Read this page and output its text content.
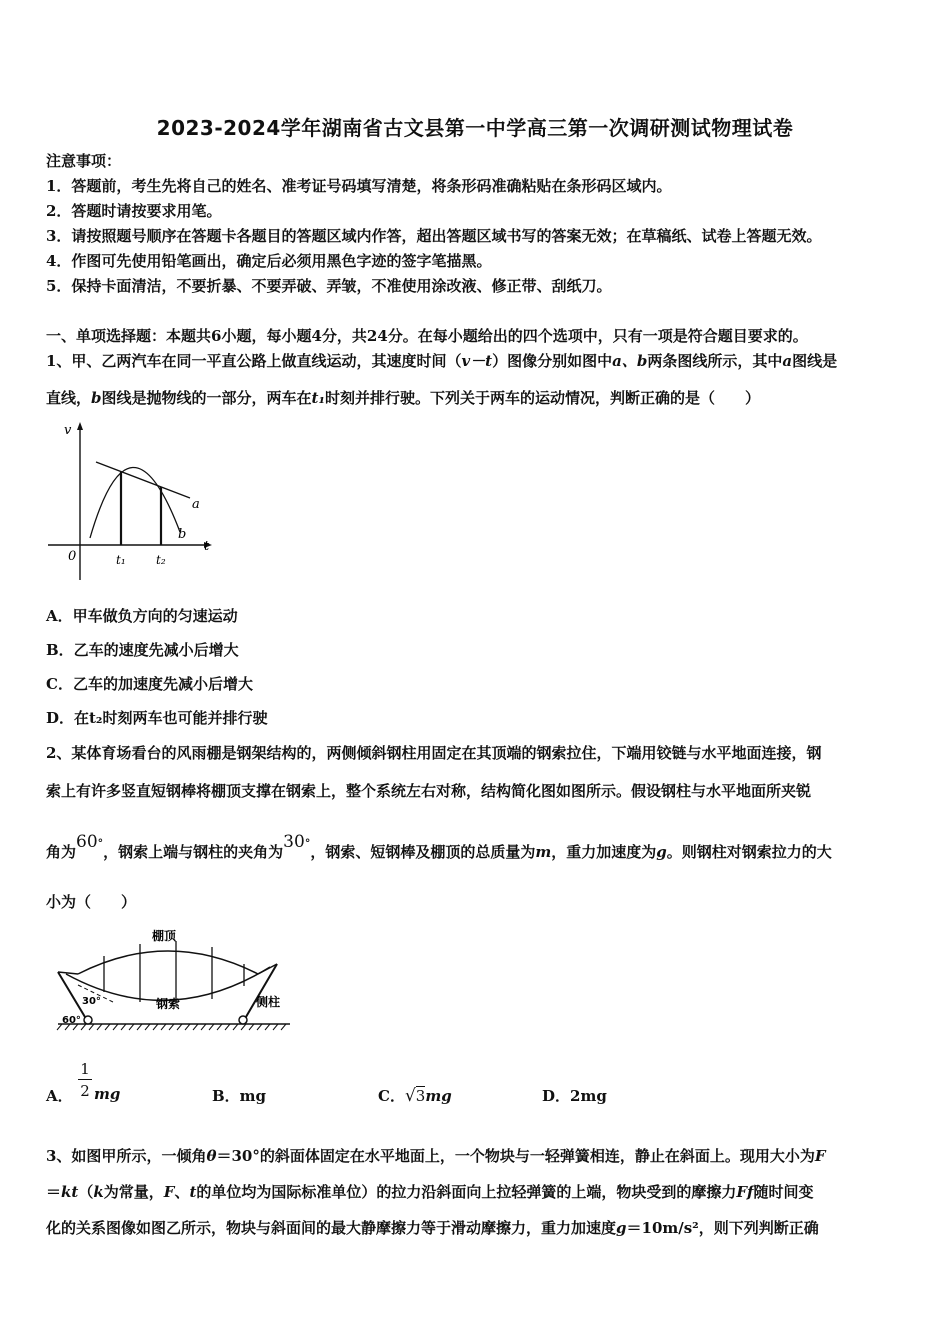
2023-2024学年湖南省古文县第一中学高三第一次调研测试物理试卷
注意事项：
1．答题前，考生先将自己的姓名、准考证号码填写清楚，将条形码准确粘贴在条形码区域内。
2．答题时请按要求用笔。
3．请按照题号顺序在答题卡各题目的答题区域内作答，超出答题区域书写的答案无效；在草稿纸、试卷上答题无效。
4．作图可先使用铅笔画出，确定后必须用黑色字迹的签字笔描黑。
5．保持卡面清洁，不要折暴、不要弄破、弄皱，不准使用涂改液、修正带、刮纸刀。
一、单项选择题：本题共6小题，每小题4分，共24分。在每小题给出的四个选项中，只有一项是符合题目要求的。
1、甲、乙两汽车在同一平直公路上做直线运动，其速度时间（v－t）图像分别如图中a、b两条图线所示，其中a图线是
直线，b图线是抛物线的一部分，两车在t₁时刻并排行驶。下列关于两车的运动情况，判断正确的是（　　）
v
t
0	t₁	t₂
a
b
A．甲车做负方向的匀速运动
B．乙车的速度先减小后增大
C．乙车的加速度先减小后增大
D．在t₂时刻两车也可能并排行驶
2、某体育场看台的风雨棚是钢架结构的，两侧倾斜钢柱用固定在其顶端的钢索拉住，下端用铰链与水平地面连接，钢
索上有许多竖直短钢棒将棚顶支撑在钢索上，整个系统左右对称，结构简化图如图所示。假设钢柱与水平地面所夹锐
角为60°，钢索上端与钢柱的夹角为30°，钢索、短钢棒及棚顶的总质量为m，重力加速度为g。则钢柱对钢索拉力的大
小为（　　）
棚顶
钢索	侧柱
30°
60°
A．
1
2 mg	B．mg	C．√3mg	D．2mg
3、如图甲所示，一倾角θ＝30°的斜面体固定在水平地面上，一个物块与一轻弹簧相连，静止在斜面上。现用大小为F
＝kt（k为常量，F、t的单位均为国际标准单位）的拉力沿斜面向上拉轻弹簧的上端，物块受到的摩擦力Ff随时间变
化的关系图像如图乙所示，物块与斜面间的最大静摩擦力等于滑动摩擦力，重力加速度g＝10m/s²，则下列判断正确
